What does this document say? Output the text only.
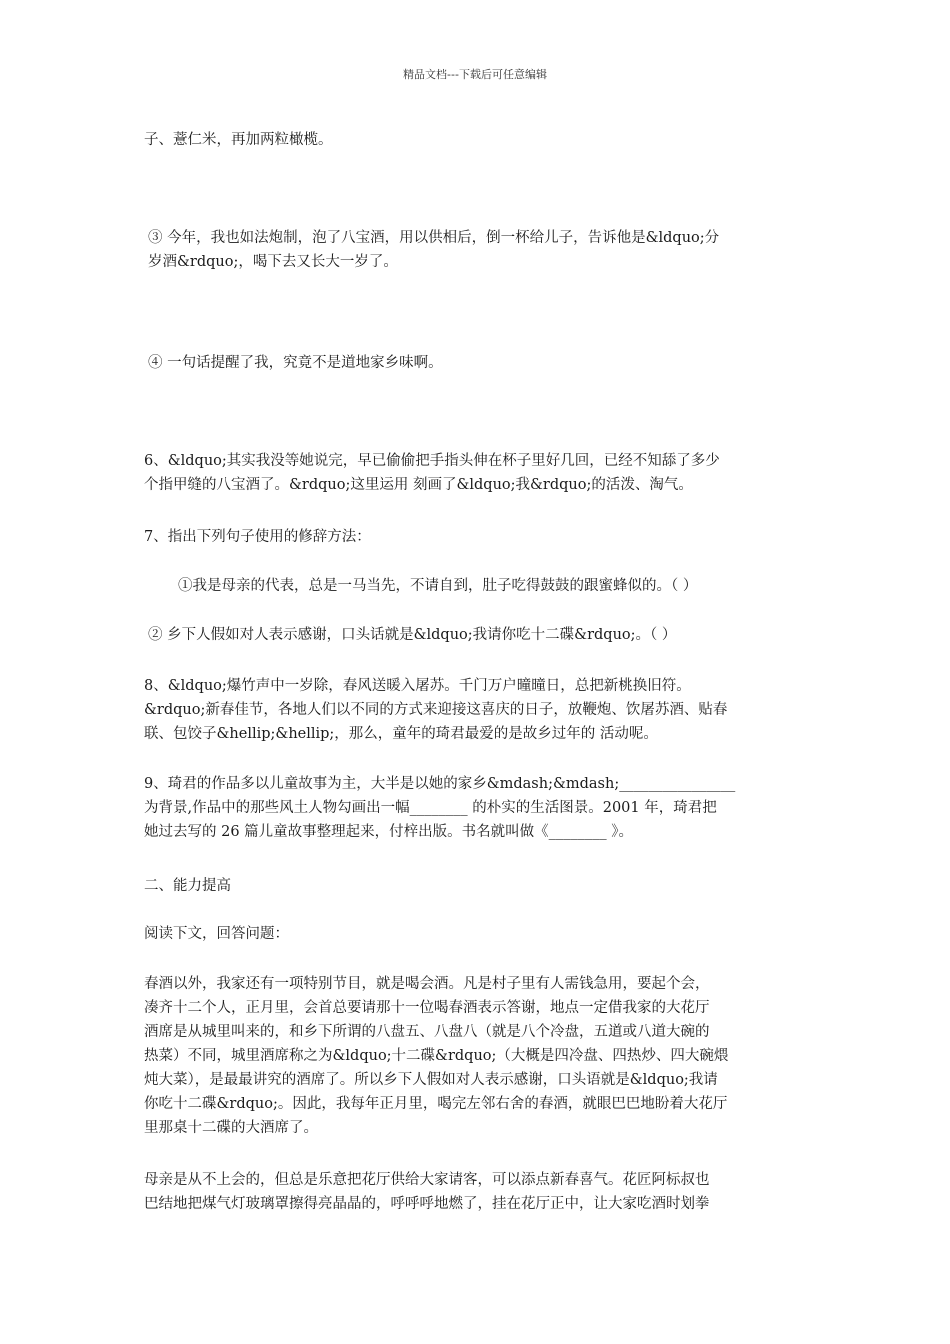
精品文档---下载后可任意编辑
子、薏仁米，再加两粒橄榄。
③ 今年，我也如法炮制，泡了八宝酒，用以供相后，倒一杯给儿子，告诉他是&ldquo;分
岁酒&rdquo;，喝下去又长大一岁了。
④ 一句话提醒了我，究竟不是道地家乡味啊。
6、&ldquo;其实我没等她说完，早已偷偷把手指头伸在杯子里好几回，已经不知舔了多少
个指甲缝的八宝酒了。&rdquo;这里运用 刻画了&ldquo;我&rdquo;的活泼、淘气。
7、指出下列句子使用的修辞方法：
①我是母亲的代表，总是一马当先，不请自到，肚子吃得鼓鼓的跟蜜蜂似的。（ ）
② 乡下人假如对人表示感谢，口头话就是&ldquo;我请你吃十二碟&rdquo;。（ ）
8、&ldquo;爆竹声中一岁除，春风送暖入屠苏。千门万户曈曈日，总把新桃换旧符。
&rdquo;新春佳节，各地人们以不同的方式来迎接这喜庆的日子，放鞭炮、饮屠苏酒、贴春
联、包饺子&hellip;&hellip;，那么，童年的琦君最爱的是故乡过年的 活动呢。
9、琦君的作品多以儿童故事为主，大半是以她的家乡&mdash;&mdash;________________
为背景,作品中的那些风土人物勾画出一幅________ 的朴实的生活图景。2001 年，琦君把
她过去写的 26 篇儿童故事整理起来，付梓出版。书名就叫做《________ 》。
二、能力提高
阅读下文，回答问题：
春酒以外，我家还有一项特别节目，就是喝会酒。凡是村子里有人需钱急用，要起个会，
凑齐十二个人，正月里，会首总要请那十一位喝春酒表示答谢，地点一定借我家的大花厅
酒席是从城里叫来的，和乡下所谓的八盘五、八盘八（就是八个冷盘，五道或八道大碗的
热菜）不同，城里酒席称之为&ldquo;十二碟&rdquo;（大概是四冷盘、四热炒、四大碗煨
炖大菜），是最最讲究的酒席了。所以乡下人假如对人表示感谢，口头语就是&ldquo;我请
你吃十二碟&rdquo;。因此，我每年正月里，喝完左邻右舍的春酒，就眼巴巴地盼着大花厅
里那桌十二碟的大酒席了。
母亲是从不上会的，但总是乐意把花厅供给大家请客，可以添点新春喜气。花匠阿标叔也
巴结地把煤气灯玻璃罩擦得亮晶晶的，呼呼呼地燃了，挂在花厅正中，让大家吃酒时划拳
